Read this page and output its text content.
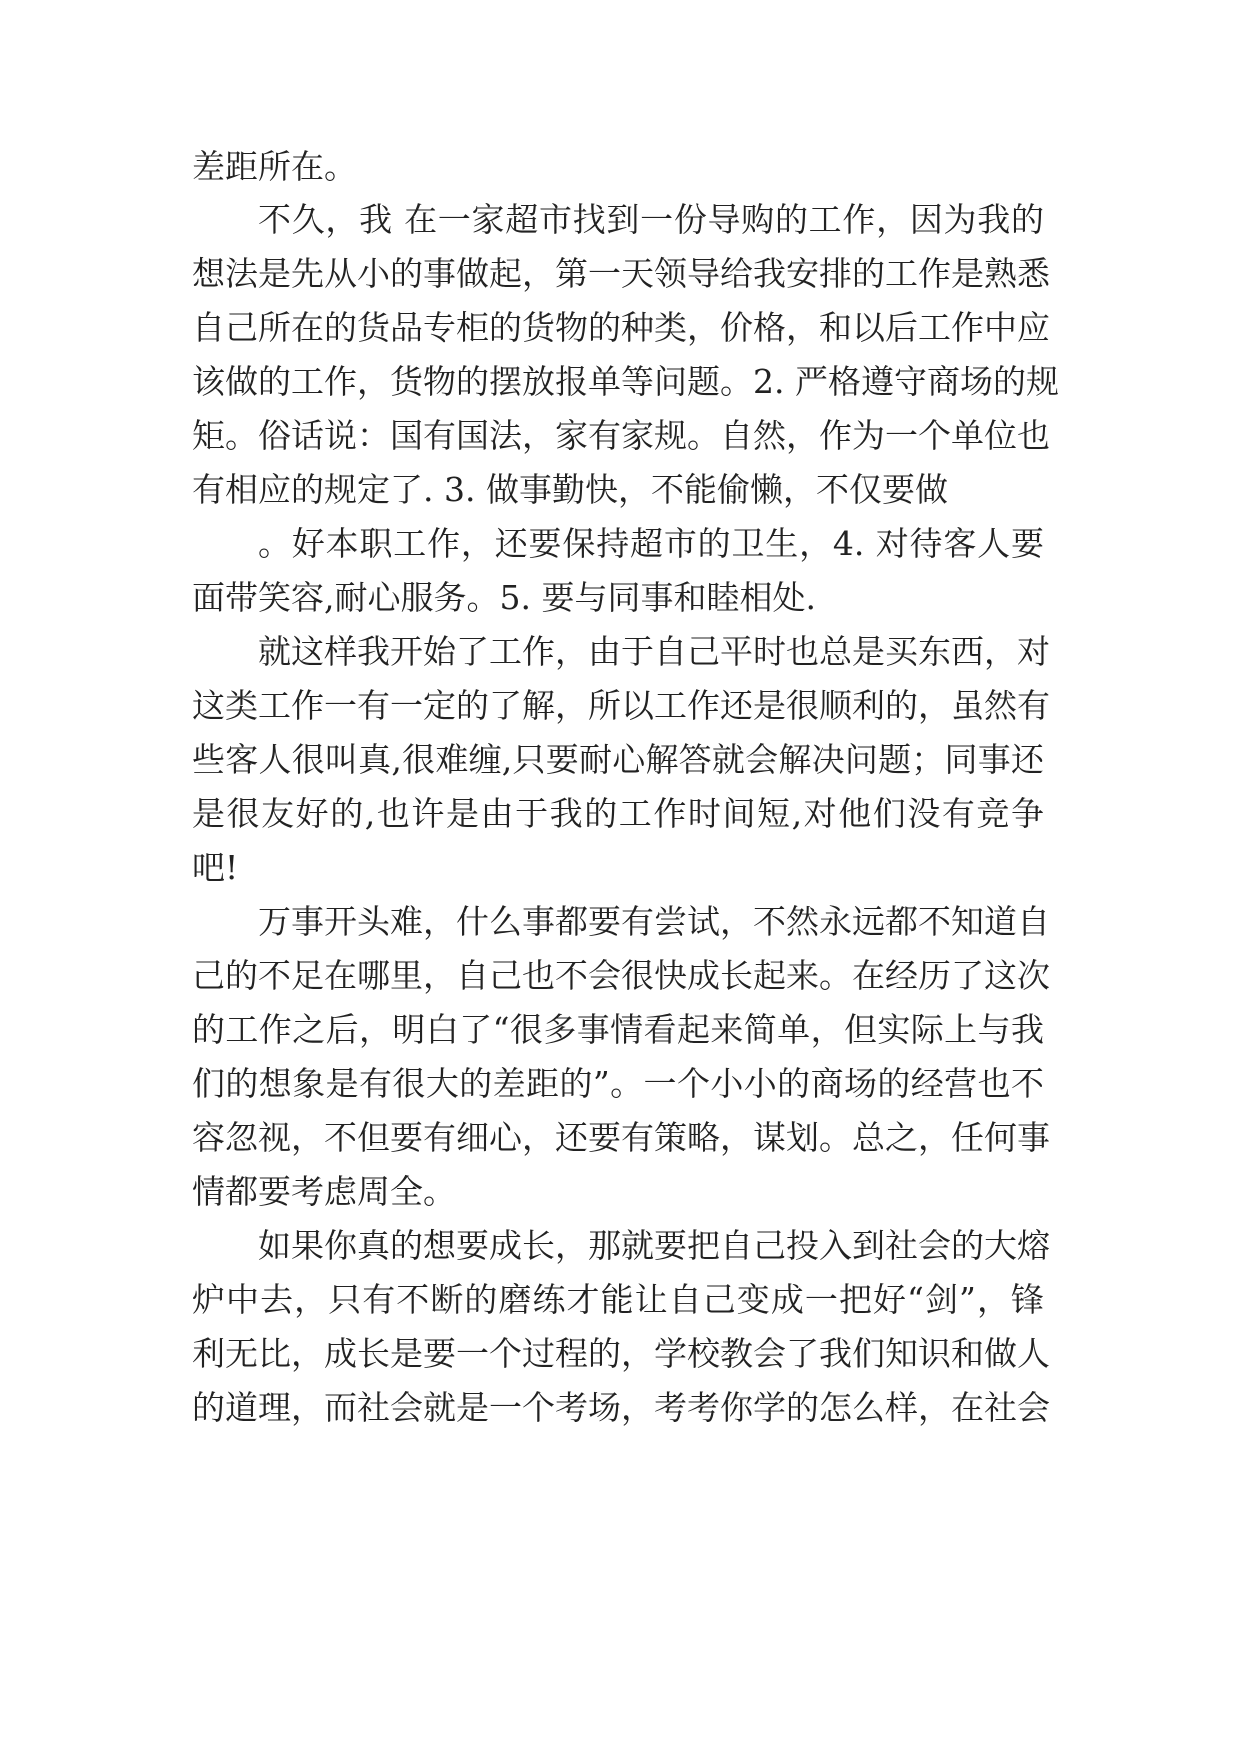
差距所在。

不久，我 在一家超市找到一份导购的工作，因为我的

想法是先从小的事做起，第一天领导给我安排的工作是熟悉

自己所在的货品专柜的货物的种类，价格，和以后工作中应

该做的工作，货物的摆放报单等问题。2. 严格遵守商场的规

矩。俗话说：国有国法，家有家规。自然，作为一个单位也

有相应的规定了. 3. 做事勤快，不能偷懒，不仅要做

。好本职工作，还要保持超市的卫生，4. 对待客人要

面带笑容,耐心服务。5. 要与同事和睦相处.

就这样我开始了工作，由于自己平时也总是买东西，对

这类工作一有一定的了解，所以工作还是很顺利的，虽然有

些客人很叫真,很难缠,只要耐心解答就会解决问题；同事还

是很友好的,也许是由于我的工作时间短,对他们没有竞争

吧!

万事开头难，什么事都要有尝试，不然永远都不知道自

己的不足在哪里，自己也不会很快成长起来。在经历了这次

的工作之后，明白了“很多事情看起来简单，但实际上与我

们的想象是有很大的差距的”。一个小小的商场的经营也不

容忽视，不但要有细心，还要有策略，谋划。总之，任何事

情都要考虑周全。

如果你真的想要成长，那就要把自己投入到社会的大熔

炉中去，只有不断的磨练才能让自己变成一把好“剑”，锋

利无比，成长是要一个过程的，学校教会了我们知识和做人

的道理，而社会就是一个考场，考考你学的怎么样，在社会
